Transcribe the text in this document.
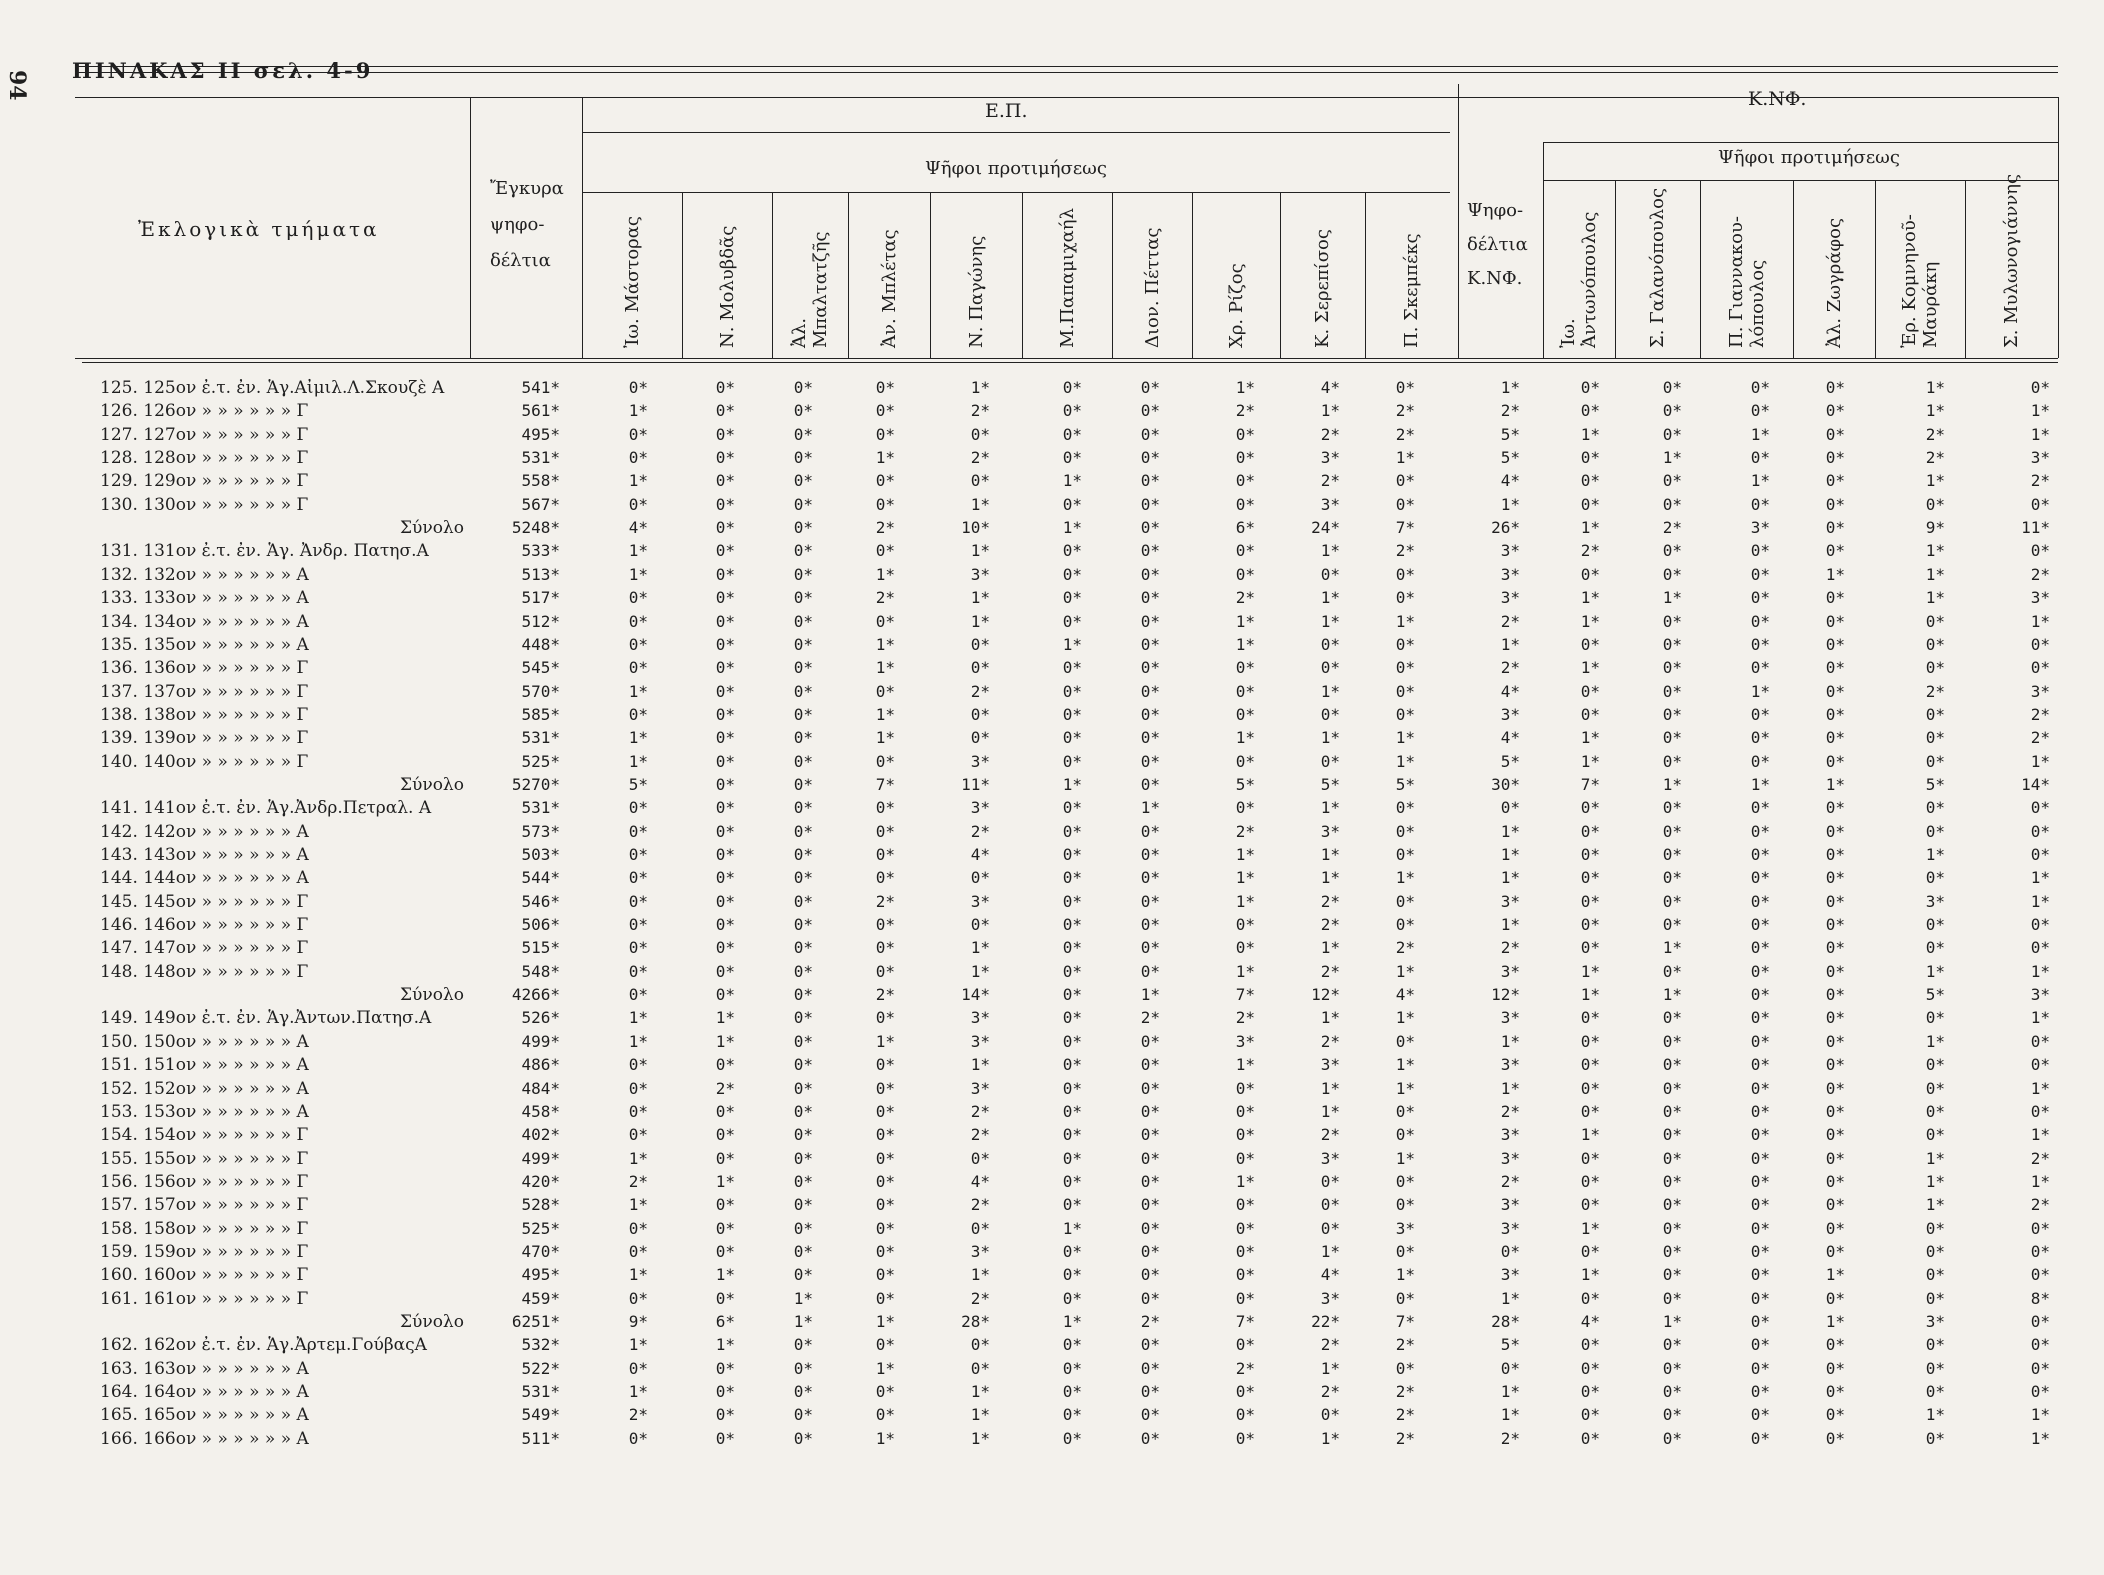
94 ΠΙΝΑΚΑΣ ΙΙ σελ. 4-9
Ἐκλογικὰ τμήματα
Ἔγκυρα
ψηφο-
δέλτια
Ε.Π.
Ψῆφοι προτιμήσεως
Κ.ΝΦ.
Ψῆφοι προτιμήσεως
Ψηφο-
δέλτια
Κ.ΝΦ.
Ἰω. Μάστορας	Ν. Μολυβδᾶς	Ἀλ. Μπαλτατζῆς	Ἀν. Μπλέτας	Ν. Παγώνης	Μ.Παπαμιχαήλ	Διον. Πέττας	Χρ. Ρίζος	Κ. Σερεπίσος	Π. Σκεμπέκς	Ἰω. Ἀντωνόπουλος	Σ. Γαλανόπουλος	Π. Γιαννακου- λόπουλος	Ἀλ. Ζωγράφος	Ἐρ. Κομνηνοῦ- Μαυράκη	Σ. Μυλωνογιάννης
125. 125ον ἐ.τ. ἐν. Ἁγ.Αἰμιλ.Λ.Σκουζὲ Α	541*	0*	0*	0*	0*	1*	0*	0*	1*	4*	0*	1*	0*	0*	0*	0*	1*	0*
126. 126ον » » » » » » Γ	561*	1*	0*	0*	0*	2*	0*	0*	2*	1*	2*	2*	0*	0*	0*	0*	1*	1*
127. 127ον » » » » » » Γ	495*	0*	0*	0*	0*	0*	0*	0*	0*	2*	2*	5*	1*	0*	1*	0*	2*	1*
128. 128ον » » » » » » Γ	531*	0*	0*	0*	1*	2*	0*	0*	0*	3*	1*	5*	0*	1*	0*	0*	2*	3*
129. 129ον » » » » » » Γ	558*	1*	0*	0*	0*	0*	1*	0*	0*	2*	0*	4*	0*	0*	1*	0*	1*	2*
130. 130ον » » » » » » Γ	567*	0*	0*	0*	0*	1*	0*	0*	0*	3*	0*	1*	0*	0*	0*	0*	0*	0*
Σύνολο	5248*	4*	0*	0*	2*	10*	1*	0*	6*	24*	7*	26*	1*	2*	3*	0*	9*	11*
131. 131ον ἐ.τ. ἐν. Ἁγ. Ἀνδρ. Πατησ.Α	533*	1*	0*	0*	0*	1*	0*	0*	0*	1*	2*	3*	2*	0*	0*	0*	1*	0*
132. 132ον » » » » » » Α	513*	1*	0*	0*	1*	3*	0*	0*	0*	0*	0*	3*	0*	0*	0*	1*	1*	2*
133. 133ον » » » » » » Α	517*	0*	0*	0*	2*	1*	0*	0*	2*	1*	0*	3*	1*	1*	0*	0*	1*	3*
134. 134ον » » » » » » Α	512*	0*	0*	0*	0*	1*	0*	0*	1*	1*	1*	2*	1*	0*	0*	0*	0*	1*
135. 135ον » » » » » » Α	448*	0*	0*	0*	1*	0*	1*	0*	1*	0*	0*	1*	0*	0*	0*	0*	0*	0*
136. 136ον » » » » » » Γ	545*	0*	0*	0*	1*	0*	0*	0*	0*	0*	0*	2*	1*	0*	0*	0*	0*	0*
137. 137ον » » » » » » Γ	570*	1*	0*	0*	0*	2*	0*	0*	0*	1*	0*	4*	0*	0*	1*	0*	2*	3*
138. 138ον » » » » » » Γ	585*	0*	0*	0*	1*	0*	0*	0*	0*	0*	0*	3*	0*	0*	0*	0*	0*	2*
139. 139ον » » » » » » Γ	531*	1*	0*	0*	1*	0*	0*	0*	1*	1*	1*	4*	1*	0*	0*	0*	0*	2*
140. 140ον » » » » » » Γ	525*	1*	0*	0*	0*	3*	0*	0*	0*	0*	1*	5*	1*	0*	0*	0*	0*	1*
Σύνολο	5270*	5*	0*	0*	7*	11*	1*	0*	5*	5*	5*	30*	7*	1*	1*	1*	5*	14*
141. 141ον ἐ.τ. ἐν. Ἁγ.Ἀνδρ.Πετραλ. Α	531*	0*	0*	0*	0*	3*	0*	1*	0*	1*	0*	0*	0*	0*	0*	0*	0*	0*
142. 142ον » » » » » » Α	573*	0*	0*	0*	0*	2*	0*	0*	2*	3*	0*	1*	0*	0*	0*	0*	0*	0*
143. 143ον » » » » » » Α	503*	0*	0*	0*	0*	4*	0*	0*	1*	1*	0*	1*	0*	0*	0*	0*	1*	0*
144. 144ον » » » » » » Α	544*	0*	0*	0*	0*	0*	0*	0*	1*	1*	1*	1*	0*	0*	0*	0*	0*	1*
145. 145ον » » » » » » Γ	546*	0*	0*	0*	2*	3*	0*	0*	1*	2*	0*	3*	0*	0*	0*	0*	3*	1*
146. 146ον » » » » » » Γ	506*	0*	0*	0*	0*	0*	0*	0*	0*	2*	0*	1*	0*	0*	0*	0*	0*	0*
147. 147ον » » » » » » Γ	515*	0*	0*	0*	0*	1*	0*	0*	0*	1*	2*	2*	0*	1*	0*	0*	0*	0*
148. 148ον » » » » » » Γ	548*	0*	0*	0*	0*	1*	0*	0*	1*	2*	1*	3*	1*	0*	0*	0*	1*	1*
Σύνολο	4266*	0*	0*	0*	2*	14*	0*	1*	7*	12*	4*	12*	1*	1*	0*	0*	5*	3*
149. 149ον ἐ.τ. ἐν. Ἁγ.Ἀντων.Πατησ.Α	526*	1*	1*	0*	0*	3*	0*	2*	2*	1*	1*	3*	0*	0*	0*	0*	0*	1*
150. 150ον » » » » » » Α	499*	1*	1*	0*	1*	3*	0*	0*	3*	2*	0*	1*	0*	0*	0*	0*	1*	0*
151. 151ον » » » » » » Α	486*	0*	0*	0*	0*	1*	0*	0*	1*	3*	1*	3*	0*	0*	0*	0*	0*	0*
152. 152ον » » » » » » Α	484*	0*	2*	0*	0*	3*	0*	0*	0*	1*	1*	1*	0*	0*	0*	0*	0*	1*
153. 153ον » » » » » » Α	458*	0*	0*	0*	0*	2*	0*	0*	0*	1*	0*	2*	0*	0*	0*	0*	0*	0*
154. 154ον » » » » » » Γ	402*	0*	0*	0*	0*	2*	0*	0*	0*	2*	0*	3*	1*	0*	0*	0*	0*	1*
155. 155ον » » » » » » Γ	499*	1*	0*	0*	0*	0*	0*	0*	0*	3*	1*	3*	0*	0*	0*	0*	1*	2*
156. 156ον » » » » » » Γ	420*	2*	1*	0*	0*	4*	0*	0*	1*	0*	0*	2*	0*	0*	0*	0*	1*	1*
157. 157ον » » » » » » Γ	528*	1*	0*	0*	0*	2*	0*	0*	0*	0*	0*	3*	0*	0*	0*	0*	1*	2*
158. 158ον » » » » » » Γ	525*	0*	0*	0*	0*	0*	1*	0*	0*	0*	3*	3*	1*	0*	0*	0*	0*	0*
159. 159ον » » » » » » Γ	470*	0*	0*	0*	0*	3*	0*	0*	0*	1*	0*	0*	0*	0*	0*	0*	0*	0*
160. 160ον » » » » » » Γ	495*	1*	1*	0*	0*	1*	0*	0*	0*	4*	1*	3*	1*	0*	0*	1*	0*	0*
161. 161ον » » » » » » Γ	459*	0*	0*	1*	0*	2*	0*	0*	0*	3*	0*	1*	0*	0*	0*	0*	0*	8*
Σύνολο	6251*	9*	6*	1*	1*	28*	1*	2*	7*	22*	7*	28*	4*	1*	0*	1*	3*	0*
162. 162ον ἐ.τ. ἐν. Ἁγ.Ἀρτεμ.ΓούβαςΑ	532*	1*	1*	0*	0*	0*	0*	0*	0*	2*	2*	5*	0*	0*	0*	0*	0*	0*
163. 163ον » » » » » » Α	522*	0*	0*	0*	1*	0*	0*	0*	2*	1*	0*	0*	0*	0*	0*	0*	0*	0*
164. 164ον » » » » » » Α	531*	1*	0*	0*	0*	1*	0*	0*	0*	2*	2*	1*	0*	0*	0*	0*	0*	0*
165. 165ον » » » » » » Α	549*	2*	0*	0*	0*	1*	0*	0*	0*	0*	2*	1*	0*	0*	0*	0*	1*	1*
166. 166ον » » » » » » Α	511*	0*	0*	0*	1*	1*	0*	0*	0*	1*	2*	2*	0*	0*	0*	0*	0*	1*
